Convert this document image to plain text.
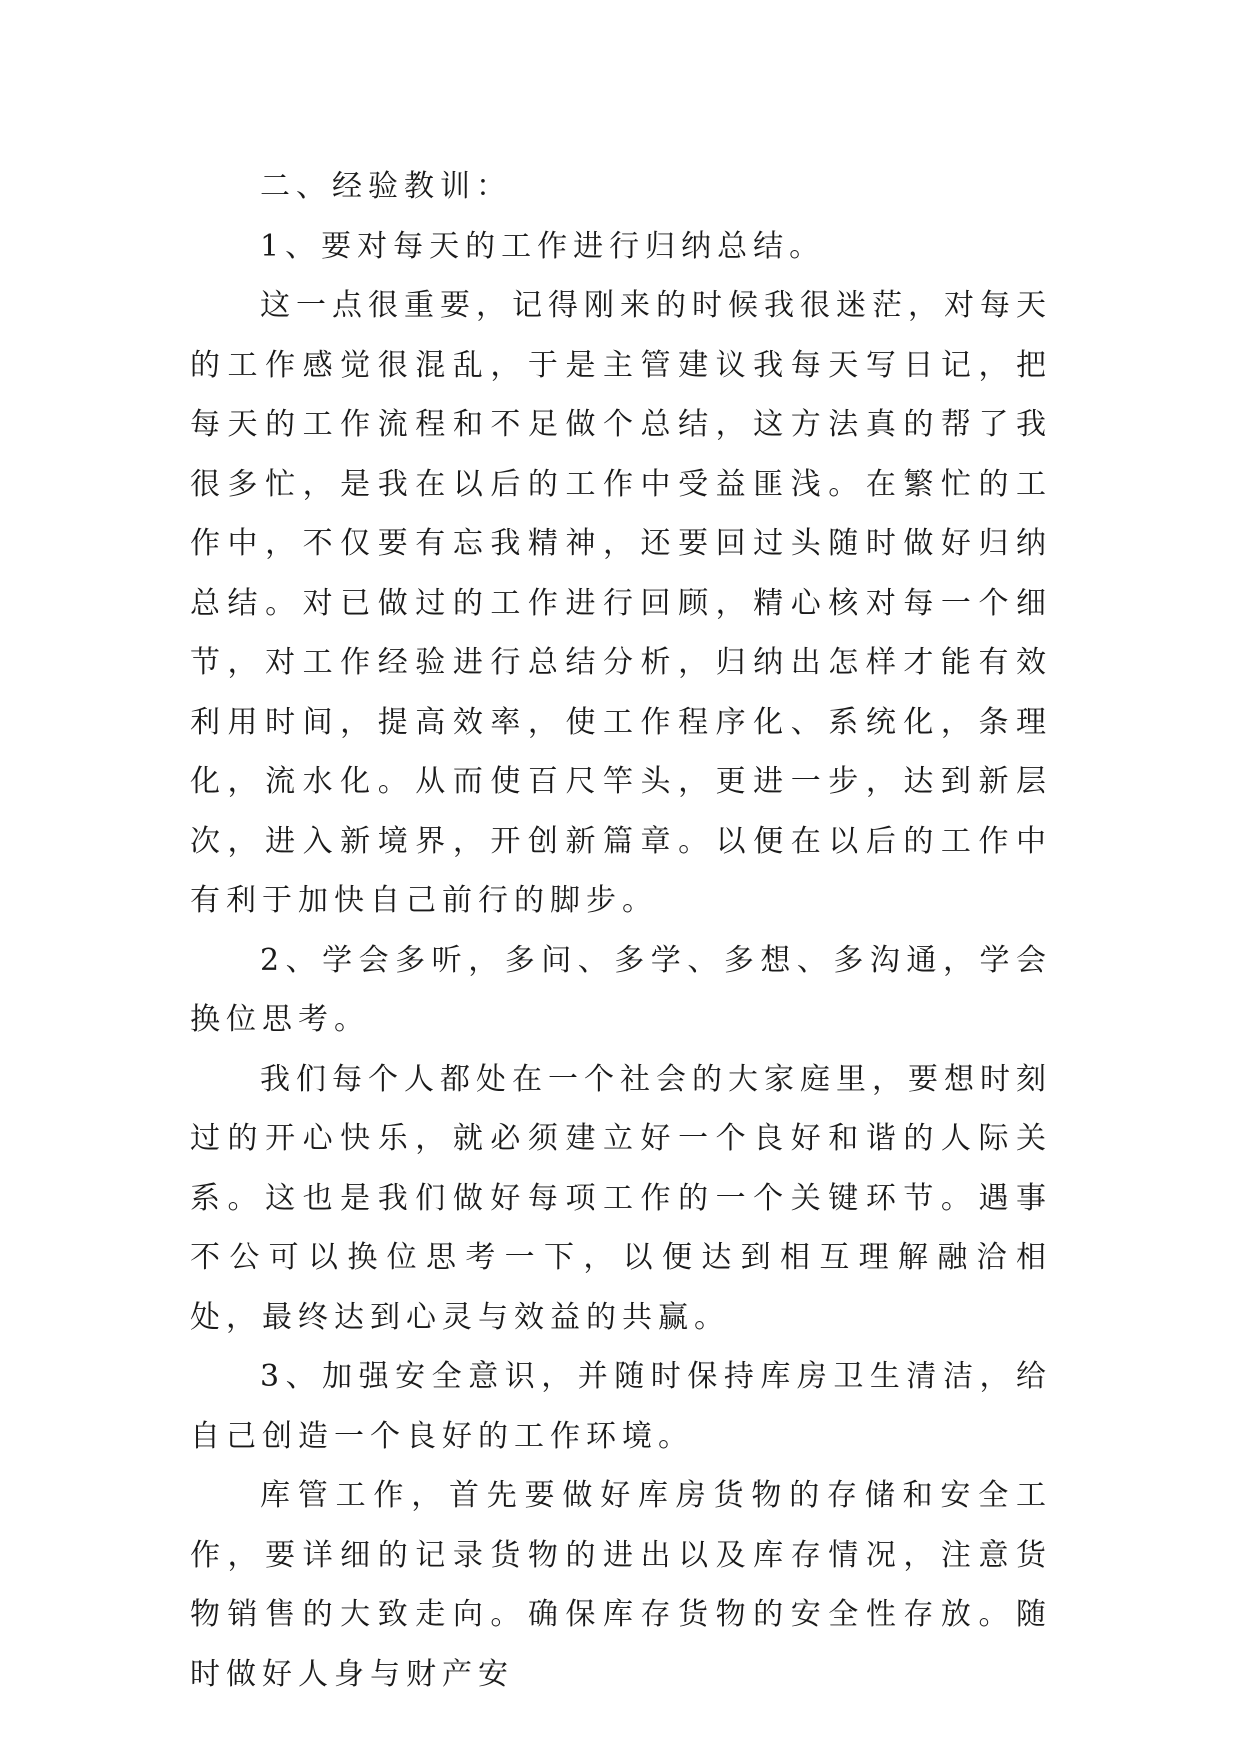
二、经验教训：

1、要对每天的工作进行归纳总结。

这一点很重要，记得刚来的时候我很迷茫，对每天的工作感觉很混乱，于是主管建议我每天写日记，把每天的工作流程和不足做个总结，这方法真的帮了我很多忙，是我在以后的工作中受益匪浅。在繁忙的工作中，不仅要有忘我精神，还要回过头随时做好归纳总结。对已做过的工作进行回顾，精心核对每一个细节，对工作经验进行总结分析，归纳出怎样才能有效利用时间，提高效率，使工作程序化、系统化，条理化，流水化。从而使百尺竿头，更进一步，达到新层次，进入新境界，开创新篇章。以便在以后的工作中有利于加快自己前行的脚步。

2、学会多听，多问、多学、多想、多沟通，学会换位思考。

我们每个人都处在一个社会的大家庭里，要想时刻过的开心快乐，就必须建立好一个良好和谐的人际关系。这也是我们做好每项工作的一个关键环节。遇事不公可以换位思考一下，以便达到相互理解融洽相处，最终达到心灵与效益的共赢。

3、加强安全意识，并随时保持库房卫生清洁，给自己创造一个良好的工作环境。

库管工作，首先要做好库房货物的存储和安全工作，要详细的记录货物的进出以及库存情况，注意货物销售的大致走向。确保库存货物的安全性存放。随时做好人身与财产安
